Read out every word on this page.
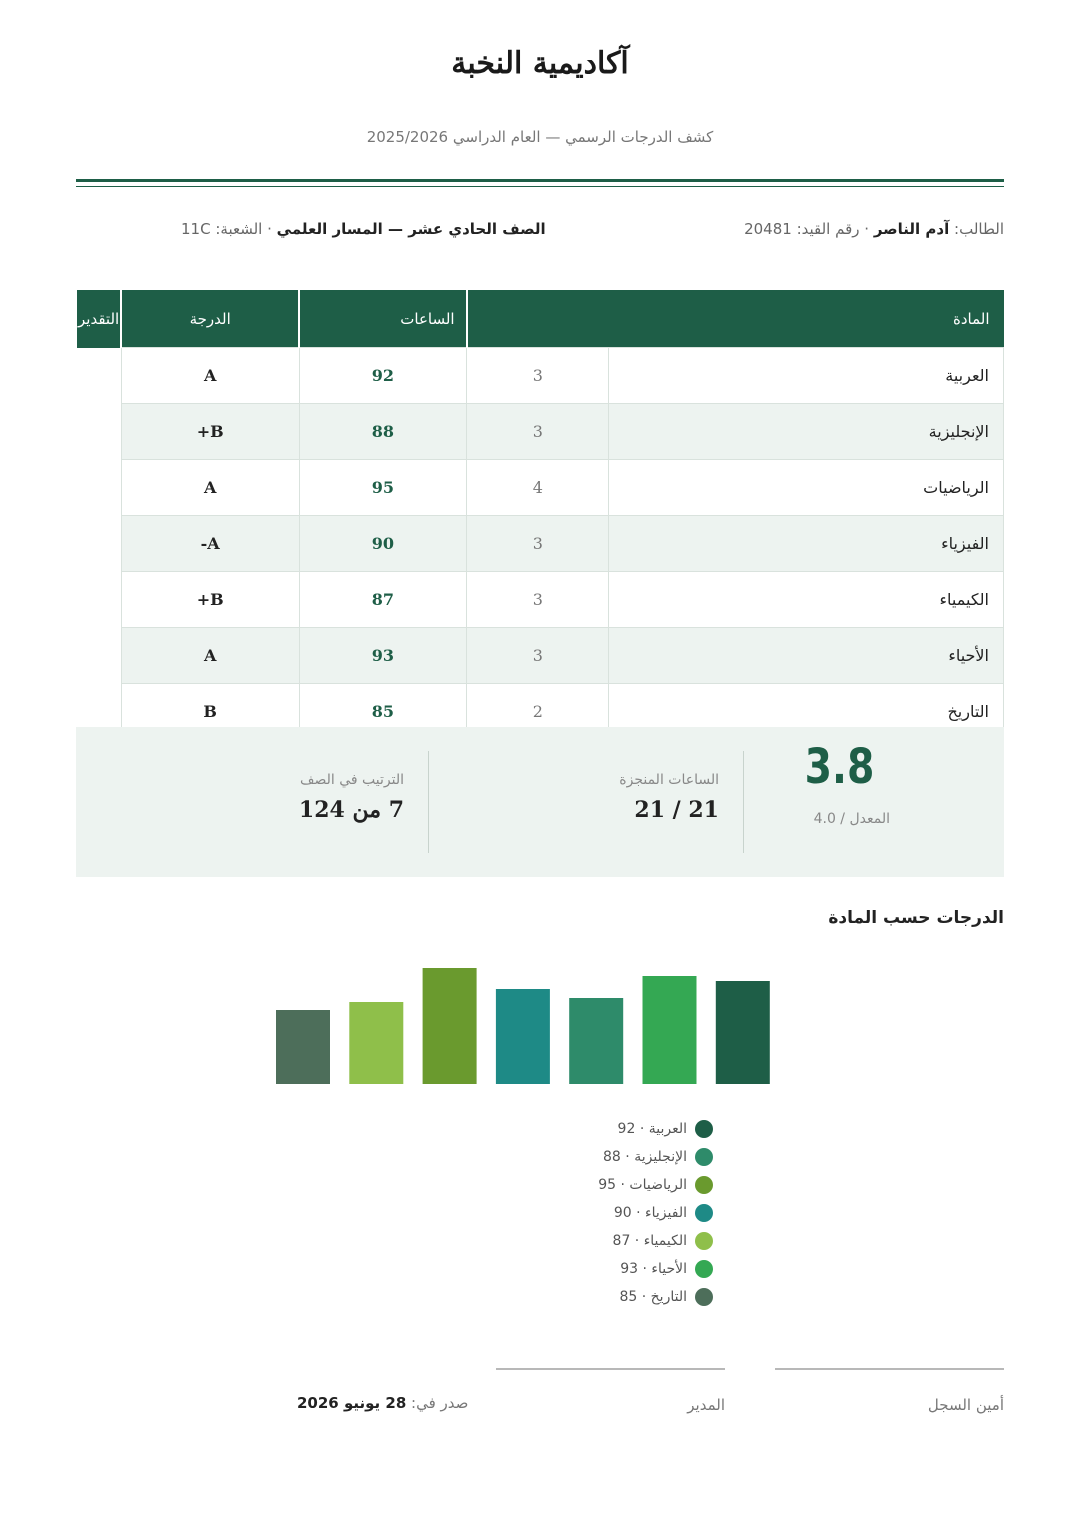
آكاديمية النخبة
كشف الدرجات الرسمي — العام الدراسي 2025/2026
الطالب: آدم الناصر · رقم القيد: 20481
الصف الحادي عشر — المسار العلمي · الشعبة: 11C
المادة		الساعات	الدرجة	التقدير
العربية	3	92	A	
الإنجليزية	3	88	B+	
الرياضيات	4	95	A	
الفيزياء	3	90	A-	
الكيمياء	3	87	B+	
الأحياء	3	93	A	
التاريخ	2	85	B	
3.8
المعدل / 4.0
الساعات المنجزة
21 / 21
الترتيب في الصف
7 من 124
الدرجات حسب المادة
العربية · 92
الإنجليزية · 88
الرياضيات · 95
الفيزياء · 90
الكيمياء · 87
الأحياء · 93
التاريخ · 85
أمين السجل
المدير
صدر في: 28 يونيو 2026
